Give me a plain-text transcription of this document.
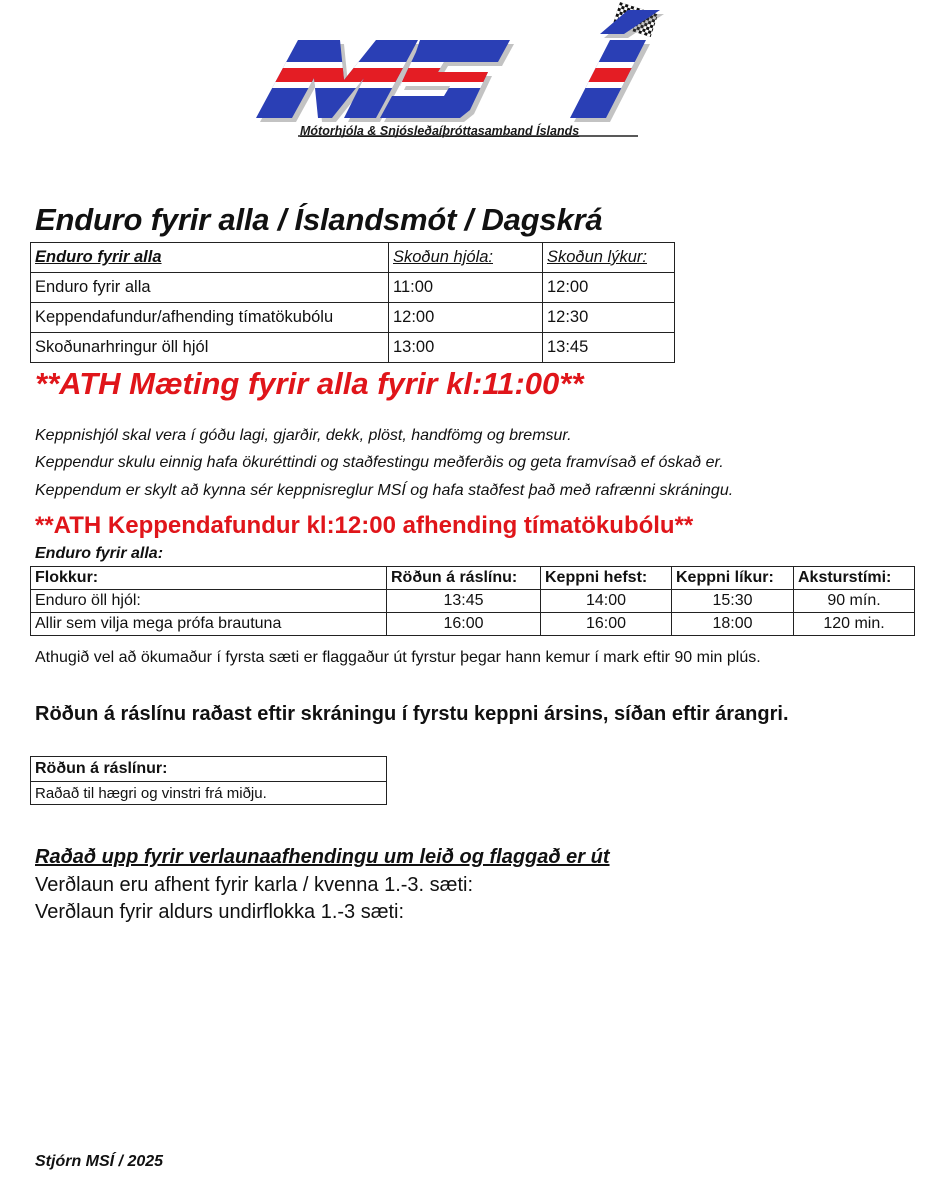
Mótorhjóla & Snjósleðaíþróttasamband Íslands
Enduro fyrir alla / Íslandsmót / Dagskrá
Enduro fyrir alla	Skoðun hjóla:	Skoðun lýkur:
Enduro fyrir alla	11:00	12:00
Keppendafundur/afhending tímatökubólu	12:00	12:30
Skoðunarhringur öll hjól	13:00	13:45
**ATH Mæting fyrir alla fyrir kl:11:00**
Keppnishjól skal vera í góðu lagi, gjarðir, dekk, plöst, handfömg og bremsur.
Keppendur skulu einnig hafa ökuréttindi og staðfestingu meðferðis og geta framvísað ef óskað er.
Keppendum er skylt að kynna sér keppnisreglur MSÍ og hafa staðfest það með rafrænni skráningu.
**ATH Keppendafundur kl:12:00 afhending tímatökubólu**
Enduro fyrir alla:
Flokkur:	Röðun á ráslínu:	Keppni hefst:	Keppni líkur:	Aksturstími:
Enduro öll hjól:	13:45	14:00	15:30	90 mín.
Allir sem vilja mega prófa brautuna	16:00	16:00	18:00	120 min.
Athugið vel að ökumaður í fyrsta sæti er flaggaður út fyrstur þegar hann kemur í mark eftir 90 min plús.
Röðun á ráslínu raðast eftir skráningu í fyrstu keppni ársins, síðan eftir árangri.
Röðun á ráslínur:
Raðað til hægri og vinstri frá miðju.
Raðað upp fyrir verlaunaafhendingu um leið og flaggað er út
Verðlaun eru afhent fyrir karla / kvenna 1.-3. sæti:
Verðlaun fyrir aldurs undirflokka 1.-3 sæti:
Stjórn MSÍ / 2025
